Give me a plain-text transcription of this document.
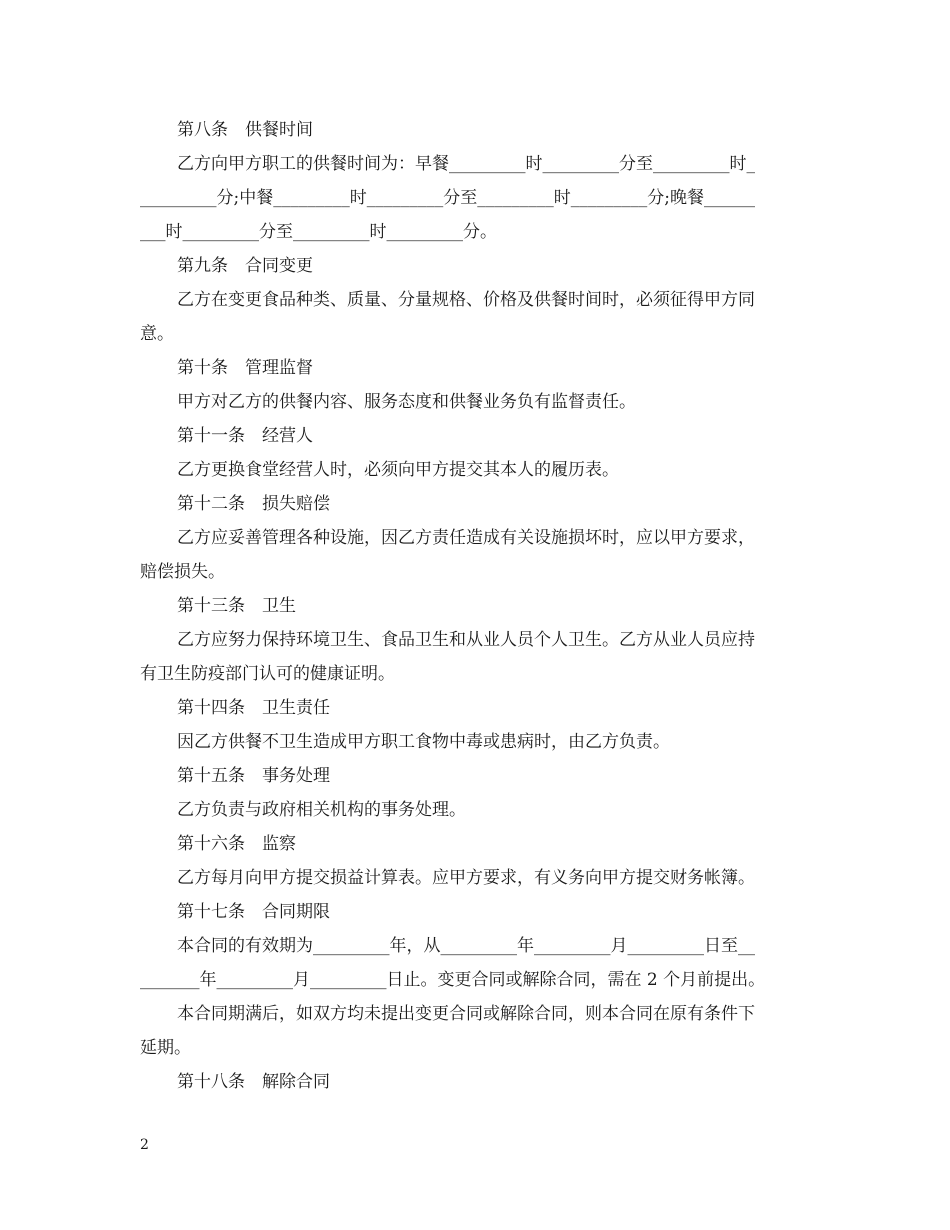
第八条　供餐时间
乙方向甲方职工的供餐时间为：早餐_________时_________分至_________时_
_________分;中餐_________时_________分至_________时_________分;晚餐______
___时_________分至_________时_________分。
第九条　合同变更
乙方在变更食品种类、质量、分量规格、价格及供餐时间时，必须征得甲方同
意。
第十条　管理监督
甲方对乙方的供餐内容、服务态度和供餐业务负有监督责任。
第十一条　经营人
乙方更换食堂经营人时，必须向甲方提交其本人的履历表。
第十二条　损失赔偿
乙方应妥善管理各种设施，因乙方责任造成有关设施损坏时，应以甲方要求，
赔偿损失。
第十三条　卫生
乙方应努力保持环境卫生、食品卫生和从业人员个人卫生。乙方从业人员应持
有卫生防疫部门认可的健康证明。
第十四条　卫生责任
因乙方供餐不卫生造成甲方职工食物中毒或患病时，由乙方负责。
第十五条　事务处理
乙方负责与政府相关机构的事务处理。
第十六条　监察
乙方每月向甲方提交损益计算表。应甲方要求，有义务向甲方提交财务帐簿。
第十七条　合同期限
本合同的有效期为_________年，从_________年_________月_________日至__
_______年_________月_________日止。变更合同或解除合同，需在 2 个月前提出。
本合同期满后，如双方均未提出变更合同或解除合同，则本合同在原有条件下
延期。
第十八条　解除合同
2
